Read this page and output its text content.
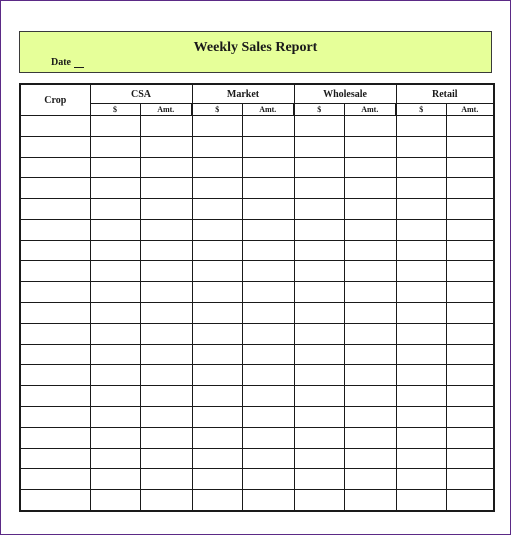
Weekly Sales Report
Date
Crop	CSA		Market		Wholesale		Retail	
	$	Amt.	$	Amt.	$	Amt.	$	Amt.
